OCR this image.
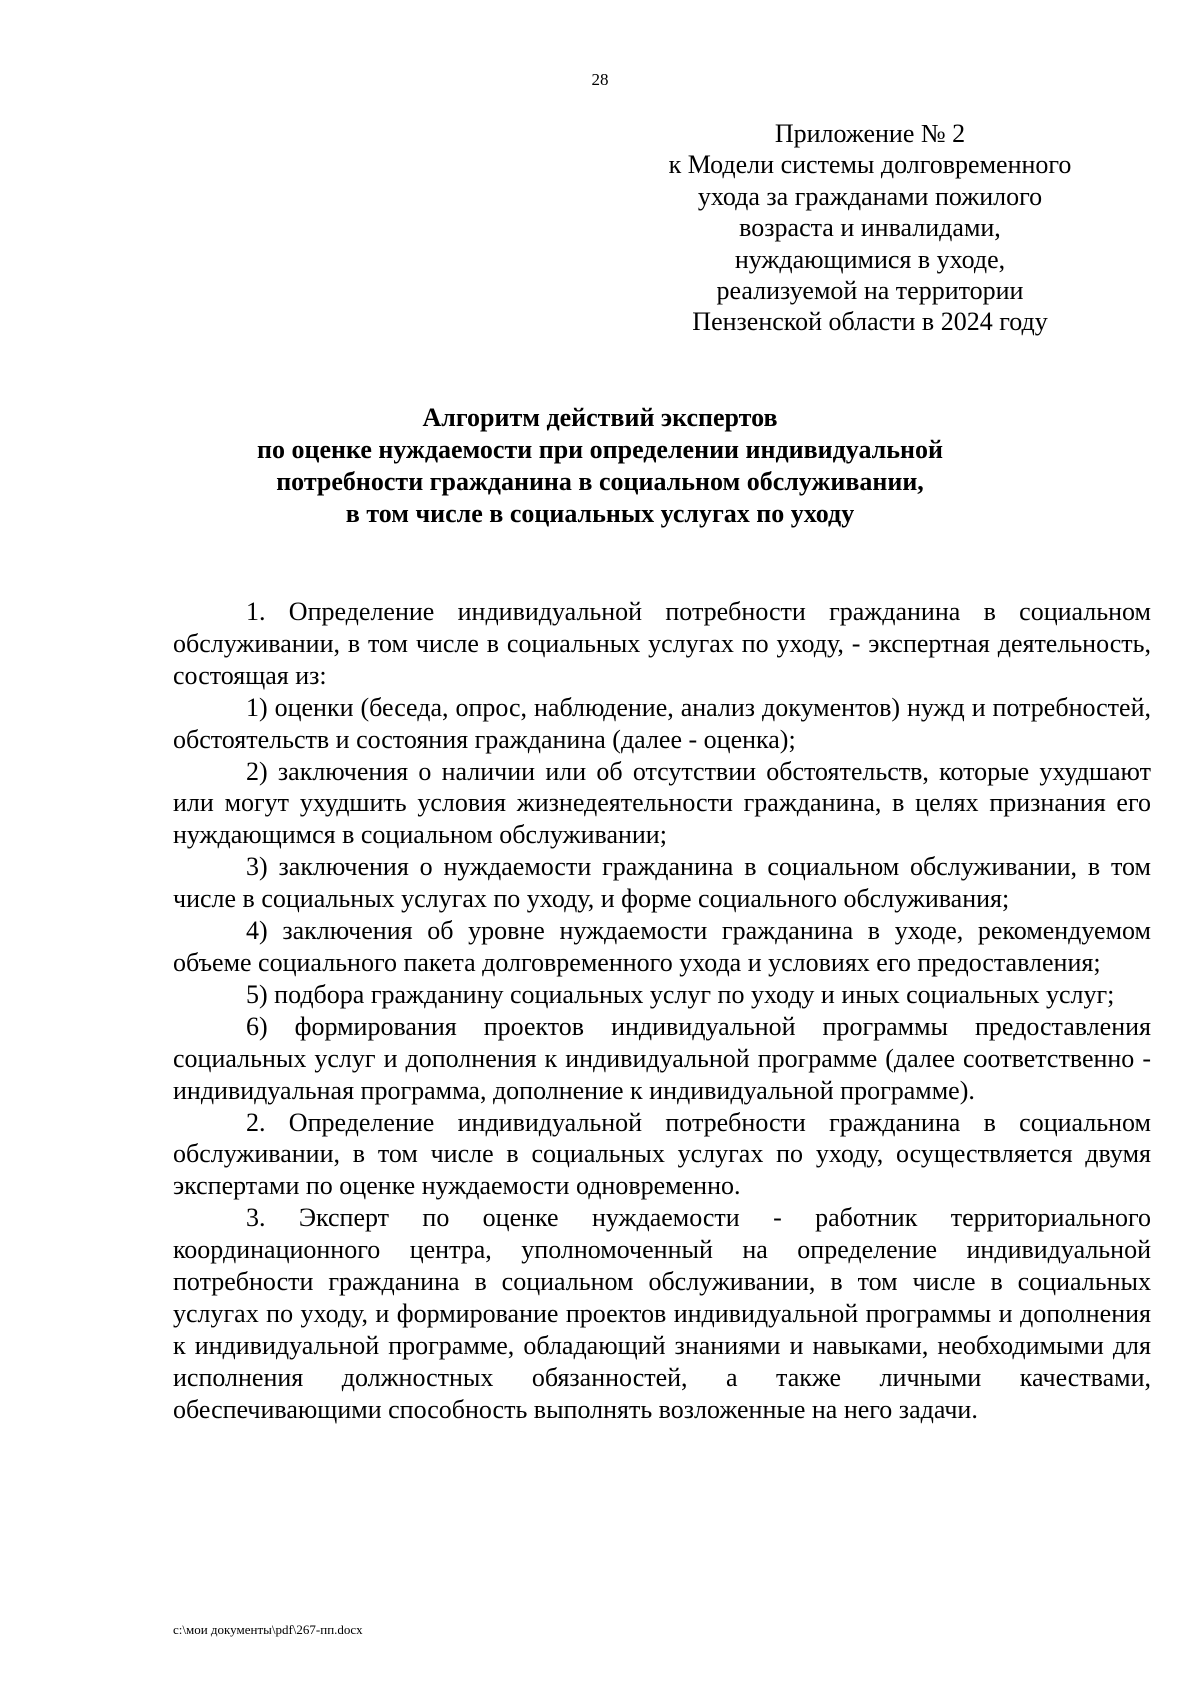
28
Приложение № 2
к Модели системы долговременного
ухода за гражданами пожилого
возраста и инвалидами,
нуждающимися в уходе,
реализуемой на территории
Пензенской области в 2024 году
Алгоритм действий экспертов
по оценке нуждаемости при определении индивидуальной
потребности гражданина в социальном обслуживании,
в том числе в социальных услугах по уходу

1. Определение индивидуальной потребности гражданина в социальном обслуживании, в том числе в социальных услугах по уходу, - экспертная деятельность, состоящая из:

1) оценки (беседа, опрос, наблюдение, анализ документов) нужд и потребностей, обстоятельств и состояния гражданина (далее - оценка);

2) заключения о наличии или об отсутствии обстоятельств, которые ухудшают или могут ухудшить условия жизнедеятельности гражданина, в целях признания его нуждающимся в социальном обслуживании;

3) заключения о нуждаемости гражданина в социальном обслуживании, в том числе в социальных услугах по уходу, и форме социального обслуживания;

4) заключения об уровне нуждаемости гражданина в уходе, рекомендуемом объеме социального пакета долговременного ухода и условиях его предоставления;

5) подбора гражданину социальных услуг по уходу и иных социальных услуг;

6) формирования проектов индивидуальной программы предоставления социальных услуг и дополнения к индивидуальной программе (далее соответственно - индивидуальная программа, дополнение к индивидуальной программе).

2. Определение индивидуальной потребности гражданина в социальном обслуживании, в том числе в социальных услугах по уходу, осуществляется двумя экспертами по оценке нуждаемости одновременно.

3. Эксперт по оценке нуждаемости - работник территориального координационного центра, уполномоченный на определение индивидуальной потребности гражданина в социальном обслуживании, в том числе в социальных услугах по уходу, и формирование проектов индивидуальной программы и дополнения к индивидуальной программе, обладающий знаниями и навыками, необходимыми для исполнения должностных обязанностей, а также личными качествами, обеспечивающими способность выполнять возложенные на него задачи.

c:\мои документы\pdf\267-пп.docx
